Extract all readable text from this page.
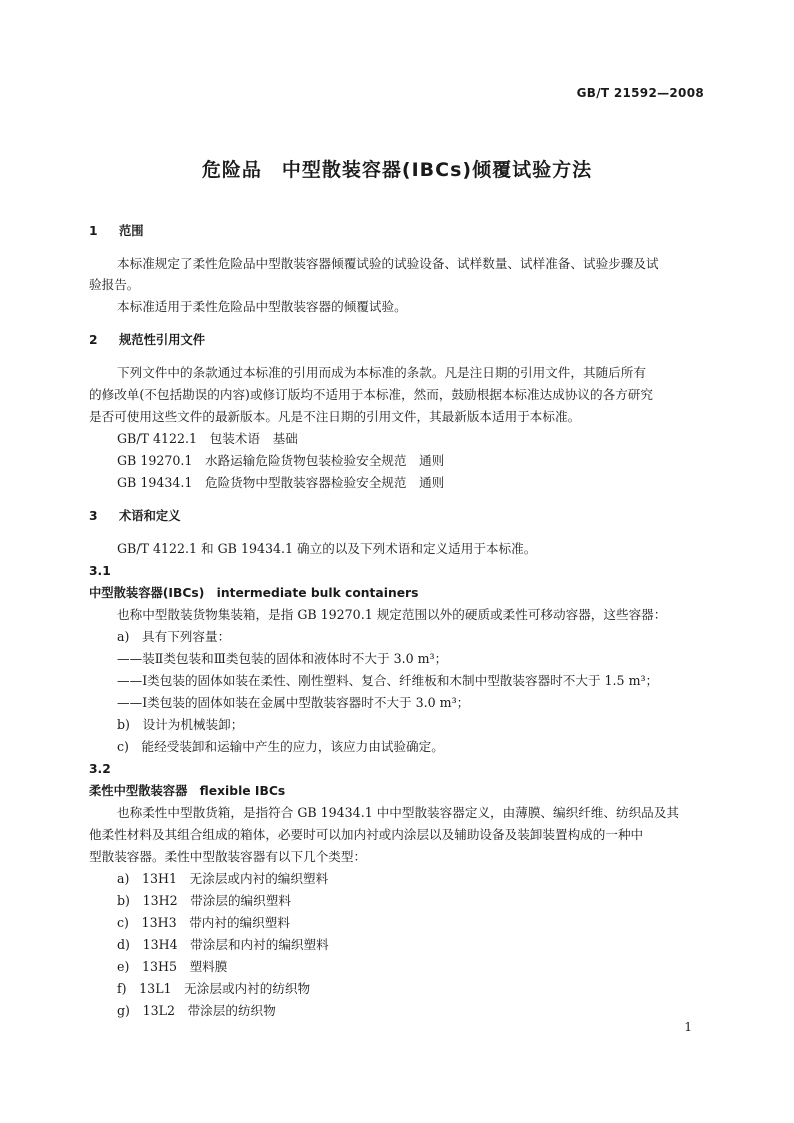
GB/T 21592—2008
危险品　中型散装容器(IBCs)倾覆试验方法
1 范围
本标准规定了柔性危险品中型散装容器倾覆试验的试验设备、试样数量、试样准备、试验步骤及试
验报告。
本标准适用于柔性危险品中型散装容器的倾覆试验。
2 规范性引用文件
下列文件中的条款通过本标准的引用而成为本标准的条款。凡是注日期的引用文件，其随后所有
的修改单(不包括勘误的内容)或修订版均不适用于本标准，然而，鼓励根据本标准达成协议的各方研究
是否可使用这些文件的最新版本。凡是不注日期的引用文件，其最新版本适用于本标准。
GB/T 4122.1　包装术语　基础
GB 19270.1　水路运输危险货物包装检验安全规范　通则
GB 19434.1　危险货物中型散装容器检验安全规范　通则
3 术语和定义
GB/T 4122.1 和 GB 19434.1 确立的以及下列术语和定义适用于本标准。
3.1
中型散装容器(IBCs)　intermediate bulk containers
也称中型散装货物集装箱，是指 GB 19270.1 规定范围以外的硬质或柔性可移动容器，这些容器：
a)　具有下列容量：
——装Ⅱ类包装和Ⅲ类包装的固体和液体时不大于 3.0 m³；
——Ⅰ类包装的固体如装在柔性、刚性塑料、复合、纤维板和木制中型散装容器时不大于 1.5 m³；
——Ⅰ类包装的固体如装在金属中型散装容器时不大于 3.0 m³；
b)　设计为机械装卸；
c)　能经受装卸和运输中产生的应力，该应力由试验确定。
3.2
柔性中型散装容器　flexible IBCs
也称柔性中型散货箱，是指符合 GB 19434.1 中中型散装容器定义，由薄膜、编织纤维、纺织品及其
他柔性材料及其组合组成的箱体，必要时可以加内衬或内涂层以及辅助设备及装卸装置构成的一种中
型散装容器。柔性中型散装容器有以下几个类型：
a)　13H1　无涂层或内衬的编织塑料
b)　13H2　带涂层的编织塑料
c)　13H3　带内衬的编织塑料
d)　13H4　带涂层和内衬的编织塑料
e)　13H5　塑料膜
f)　13L1　无涂层或内衬的纺织物
g)　13L2　带涂层的纺织物
1
